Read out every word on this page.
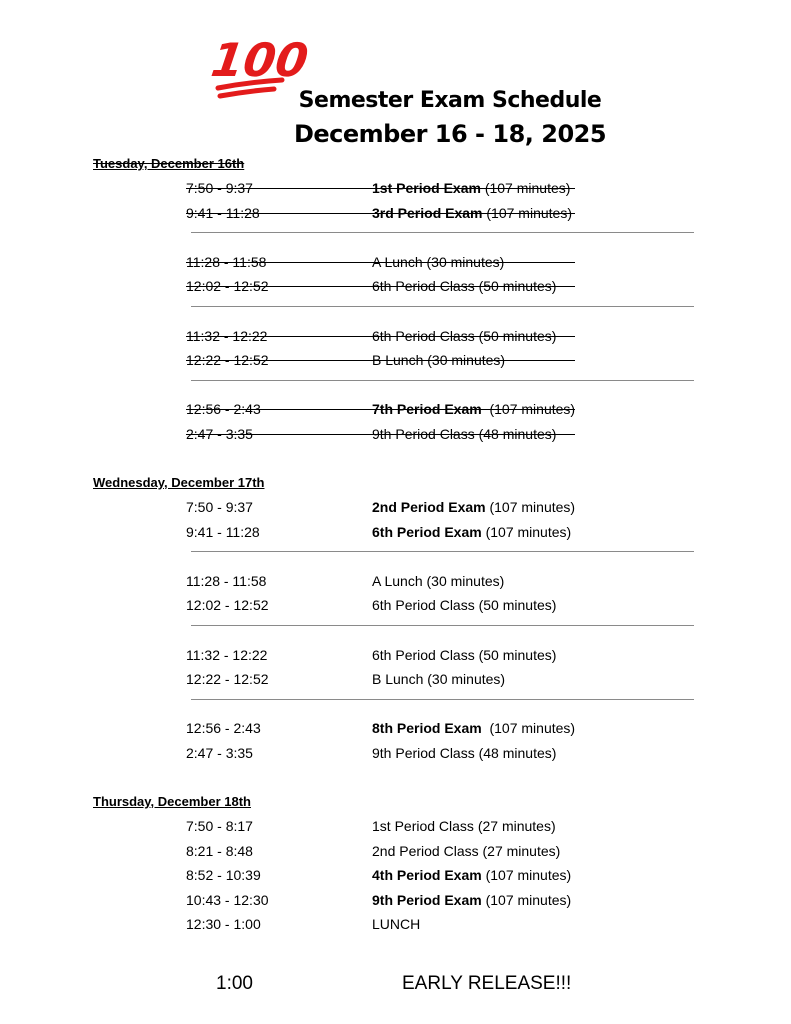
100
Semester Exam Schedule
December 16 - 18, 2025
Tuesday, December 16th
7:50 - 9:37	1st Period Exam (107 minutes)
9:41 - 11:28	3rd Period Exam (107 minutes)
11:28 - 11:58	A Lunch (30 minutes)
12:02 - 12:52	6th Period Class (50 minutes)
11:32 - 12:22	6th Period Class (50 minutes)
12:22 - 12:52	B Lunch (30 minutes)
12:56 - 2:43	7th Period Exam  (107 minutes)
2:47 - 3:35	9th Period Class (48 minutes)
Wednesday, December 17th
7:50 - 9:37	2nd Period Exam (107 minutes)
9:41 - 11:28	6th Period Exam (107 minutes)
11:28 - 11:58	A Lunch (30 minutes)
12:02 - 12:52	6th Period Class (50 minutes)
11:32 - 12:22	6th Period Class (50 minutes)
12:22 - 12:52	B Lunch (30 minutes)
12:56 - 2:43	8th Period Exam  (107 minutes)
2:47 - 3:35	9th Period Class (48 minutes)
Thursday, December 18th
7:50 - 8:17	1st Period Class (27 minutes)
8:21 - 8:48	2nd Period Class (27 minutes)
8:52 - 10:39	4th Period Exam (107 minutes)
10:43 - 12:30	9th Period Exam (107 minutes)
12:30 - 1:00	LUNCH
1:00	EARLY RELEASE!!!
